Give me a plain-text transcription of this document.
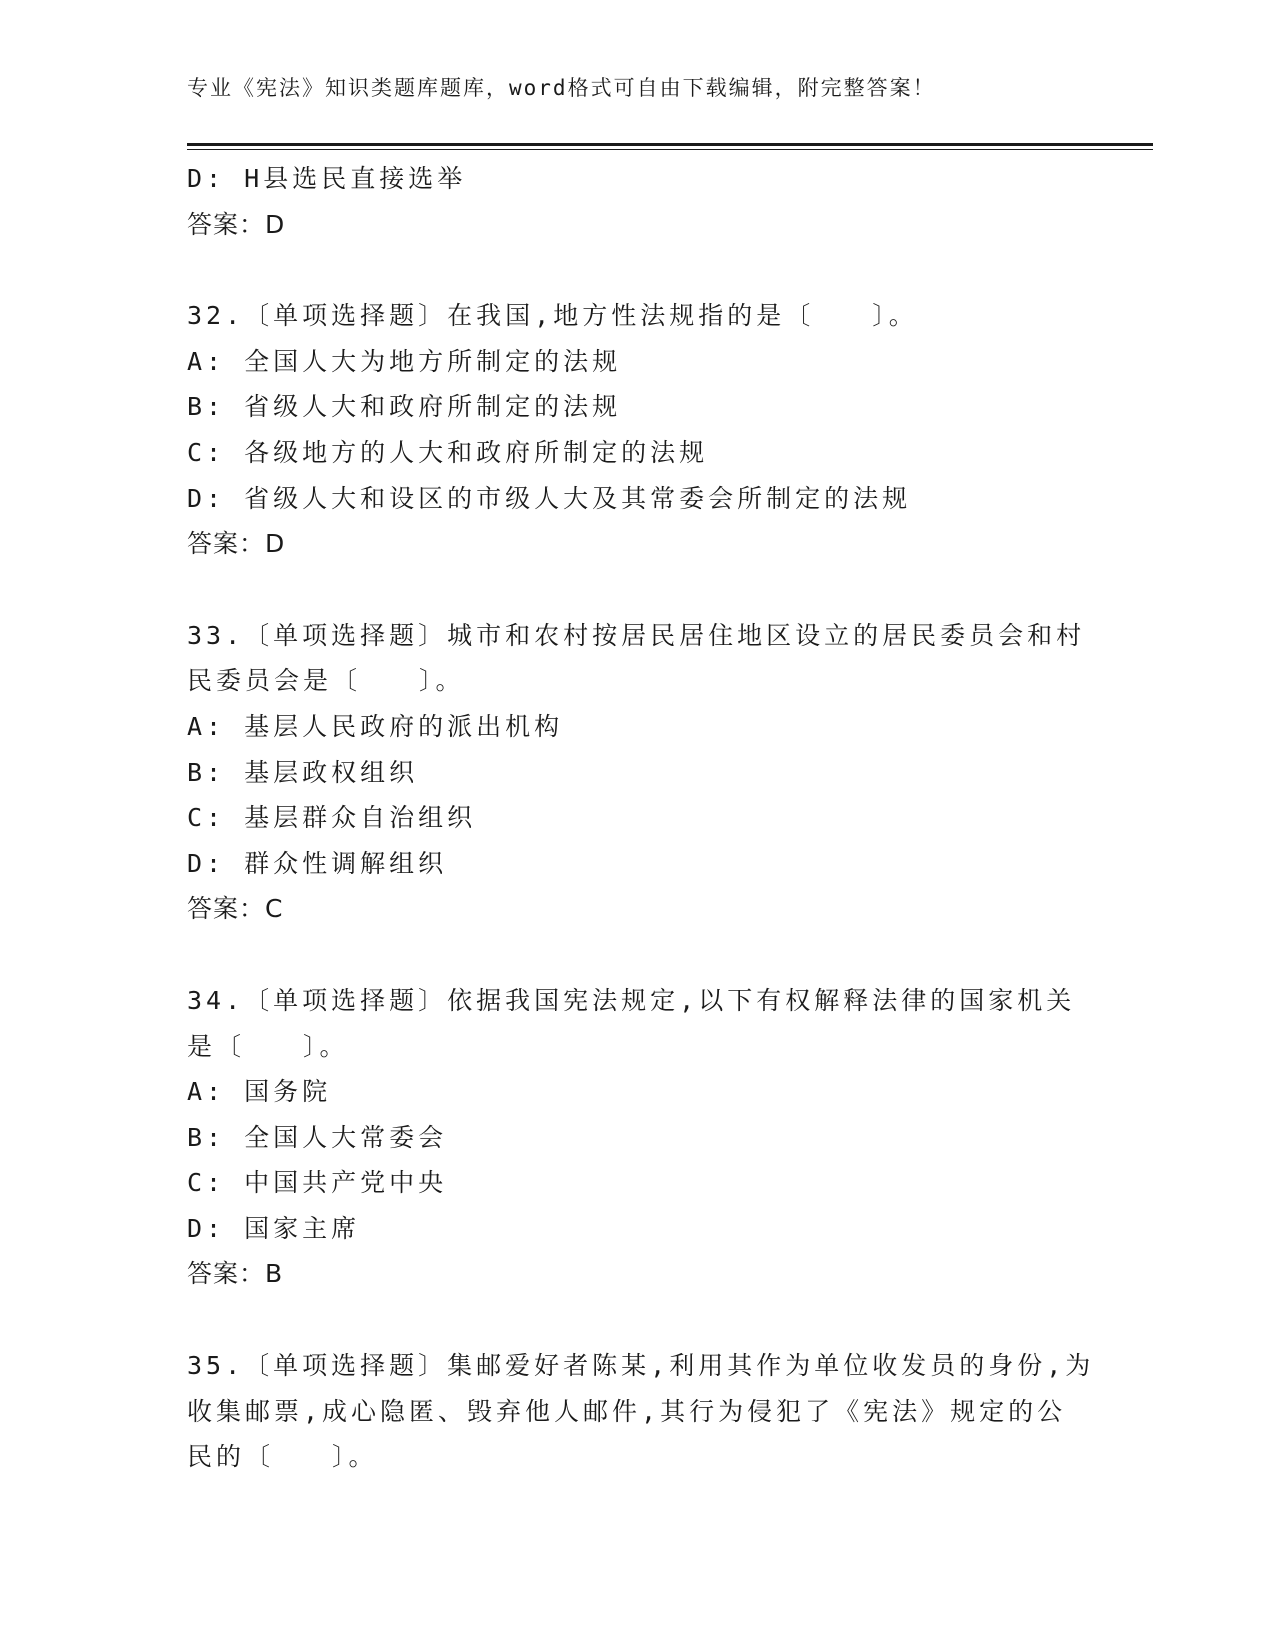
专业《宪法》知识类题库题库，word格式可自由下载编辑，附完整答案！
D: H县选民直接选举
答案：D
32.〔单项选择题〕在我国,地方性法规指的是〔　　〕。
A: 全国人大为地方所制定的法规
B: 省级人大和政府所制定的法规
C: 各级地方的人大和政府所制定的法规
D: 省级人大和设区的市级人大及其常委会所制定的法规
答案：D
33.〔单项选择题〕城市和农村按居民居住地区设立的居民委员会和村
民委员会是〔　　〕。
A: 基层人民政府的派出机构
B: 基层政权组织
C: 基层群众自治组织
D: 群众性调解组织
答案：C
34.〔单项选择题〕依据我国宪法规定,以下有权解释法律的国家机关
是〔　　〕。
A: 国务院
B: 全国人大常委会
C: 中国共产党中央
D: 国家主席
答案：B
35.〔单项选择题〕集邮爱好者陈某,利用其作为单位收发员的身份,为
收集邮票,成心隐匿、毁弃他人邮件,其行为侵犯了《宪法》规定的公
民的〔　　〕。
